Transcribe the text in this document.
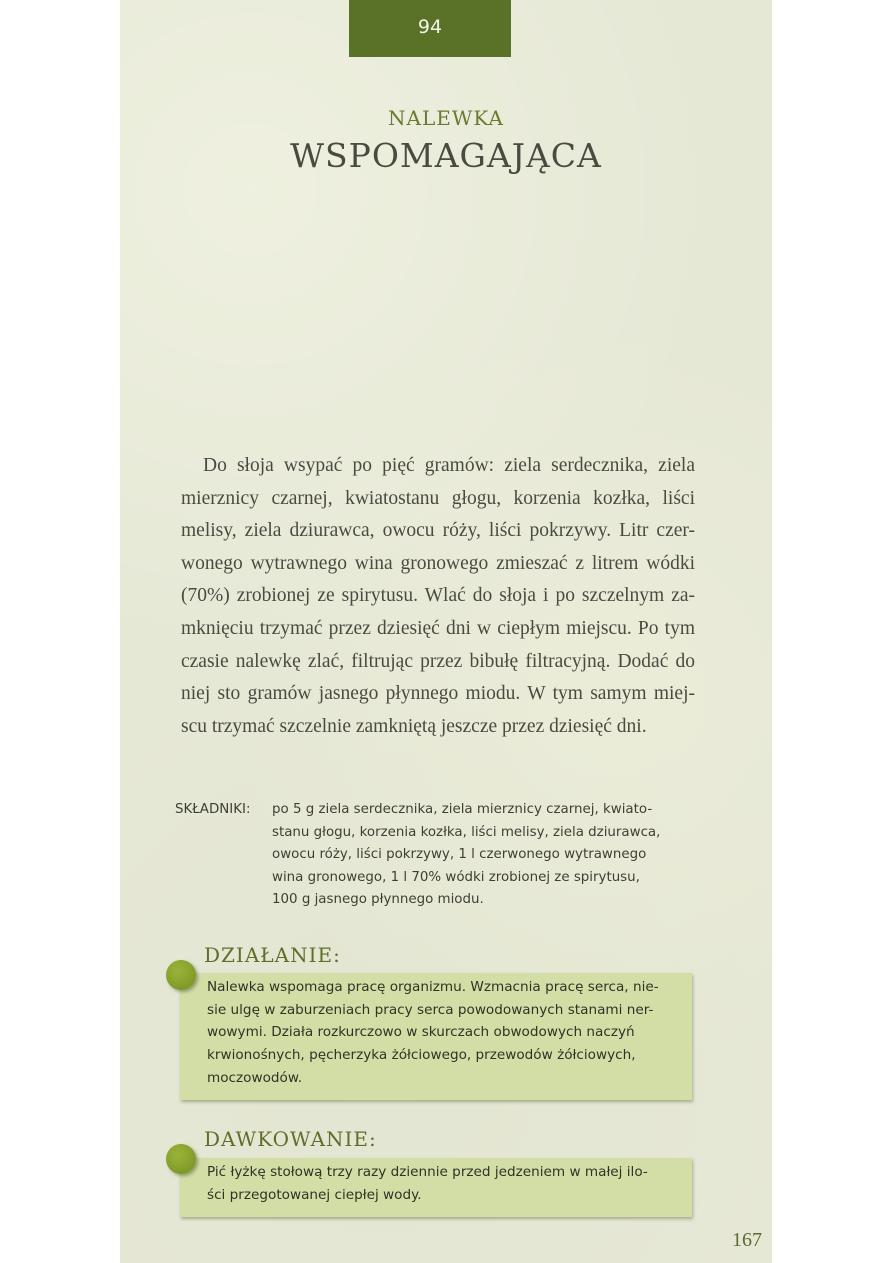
94
NALEWKA
WSPOMAGAJĄCA
Do słoja wsypać po pięć gramów: ziela serdecznika, ziela
mierznicy czarnej, kwiatostanu głogu, korzenia kozłka, liści
melisy, ziela dziurawca, owocu róży, liści pokrzywy. Litr czer-
wonego wytrawnego wina gronowego zmieszać z litrem wódki
(70%) zrobionej ze spirytusu. Wlać do słoja i po szczelnym za-
mknięciu trzymać przez dziesięć dni w ciepłym miejscu. Po tym
czasie nalewkę zlać, filtrując przez bibułę filtracyjną. Dodać do
niej sto gramów jasnego płynnego miodu. W tym samym miej-
scu trzymać szczelnie zamkniętą jeszcze przez dziesięć dni.
SKŁADNIKI: po 5 g ziela serdecznika, ziela mierznicy czarnej, kwiato-
stanu głogu, korzenia kozłka, liści melisy, ziela dziurawca,
owocu róży, liści pokrzywy, 1 l czerwonego wytrawnego
wina gronowego, 1 l 70% wódki zrobionej ze spirytusu,
100 g jasnego płynnego miodu.
DZIAŁANIE:
Nalewka wspomaga pracę organizmu. Wzmacnia pracę serca, nie-
sie ulgę w zaburzeniach pracy serca powodowanych stanami ner-
wowymi. Działa rozkurczowo w skurczach obwodowych naczyń
krwionośnych, pęcherzyka żółciowego, przewodów żółciowych,
moczowodów.
DAWKOWANIE:
Pić łyżkę stołową trzy razy dziennie przed jedzeniem w małej ilo-
ści przegotowanej ciepłej wody.
167
